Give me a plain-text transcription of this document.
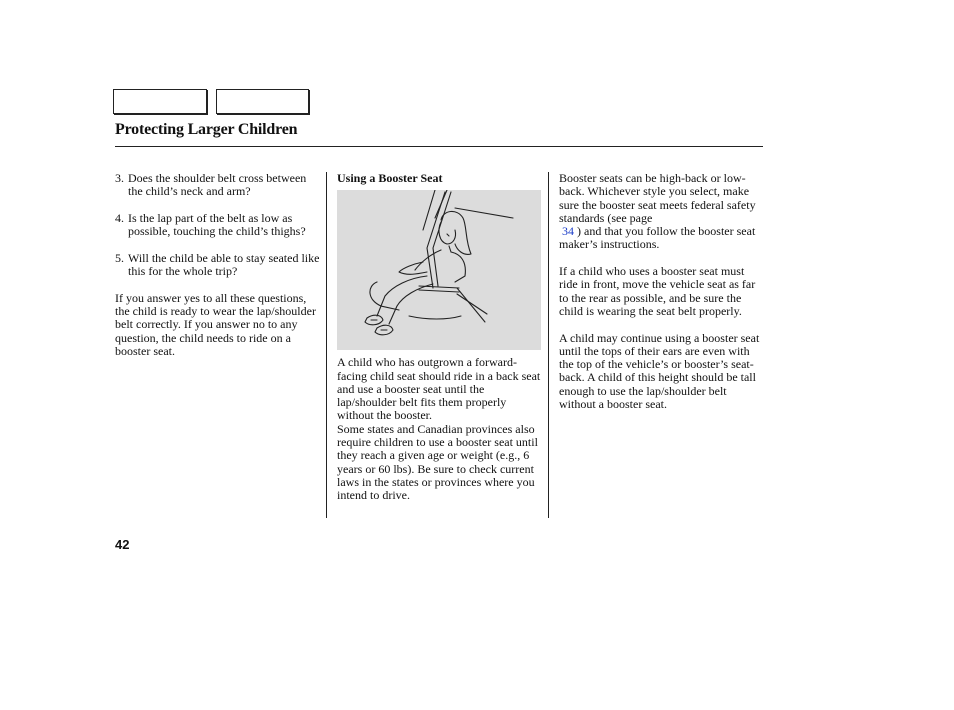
Protecting Larger Children
3. Does the shoulder belt cross between the child’s neck and arm?
4. Is the lap part of the belt as low as possible, touching the child’s thighs?
5. Will the child be able to stay seated like this for the whole trip?

If you answer yes to all these questions, the child is ready to wear the lap/shoulder belt correctly. If you answer no to any question, the child needs to ride on a booster seat.

Using a Booster Seat

A child who has outgrown a forward-facing child seat should ride in a back seat and use a booster seat until the lap/shoulder belt fits them properly without the booster.

Some states and Canadian provinces also require children to use a booster seat until they reach a given age or weight (e.g., 6 years or 60 lbs). Be sure to check current laws in the states or provinces where you intend to drive.

Booster seats can be high-back or low-back. Whichever style you select, make sure the booster seat meets federal safety standards (see page
34 ) and that you follow the booster seat maker’s instructions.

If a child who uses a booster seat must ride in front, move the vehicle seat as far to the rear as possible, and be sure the child is wearing the seat belt properly.

A child may continue using a booster seat until the tops of their ears are even with the top of the vehicle’s or booster’s seat-back. A child of this height should be tall enough to use the lap/shoulder belt without a booster seat.

42
